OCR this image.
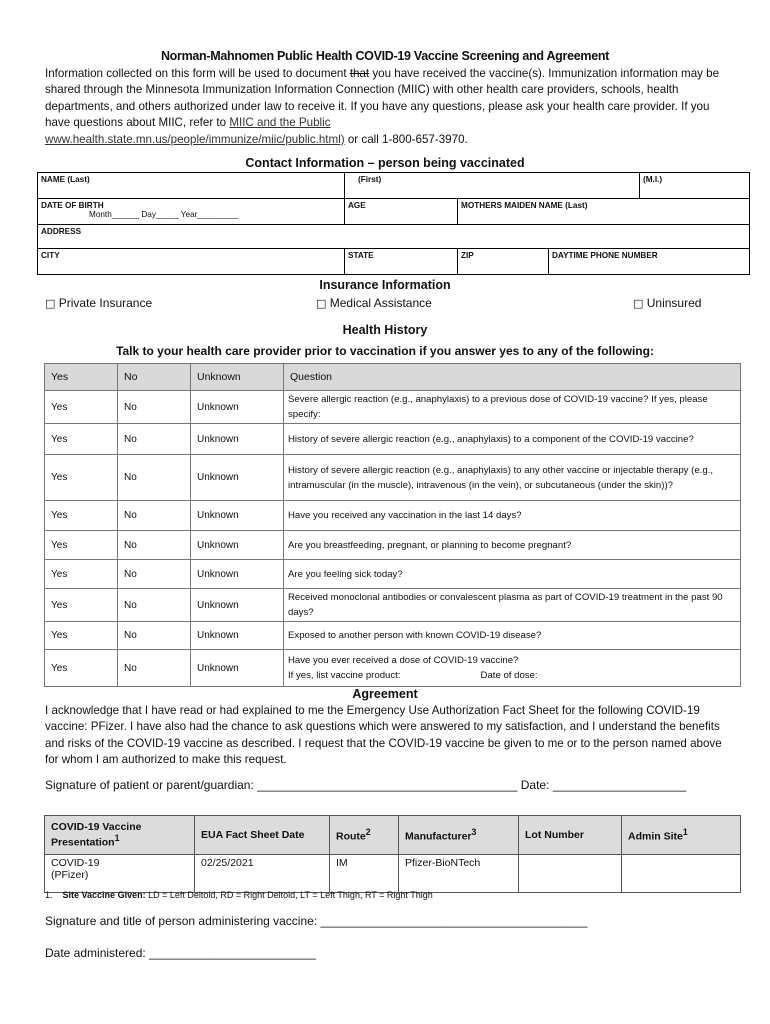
Norman-Mahnomen Public Health COVID-19 Vaccine Screening and Agreement
Information collected on this form will be used to document that you have received the vaccine(s). Immunization information may be shared through the Minnesota Immunization Information Connection (MIIC) with other health care providers, schools, health departments, and others authorized under law to receive it. If you have any questions, please ask your health care provider. If you have questions about MIIC, refer to MIIC and the Public
www.health.state.mn.us/people/immunize/miic/public.html) or call 1-800-657-3970.
Contact Information – person being vaccinated
NAME (Last)	(First)			(M.I.)

DATE OF BIRTH
Month______ Day_____ Year_________	AGE	MOTHERS MAIDEN NAME (Last)		
ADDRESS				
CITY	STATE	ZIP	DAYTIME PHONE NUMBER	
Insurance Information
□ Private Insurance	□ Medical Assistance	□ Uninsured
Health History
Talk to your health care provider prior to vaccination if you answer yes to any of the following:
Yes	No	Unknown	Question
Yes	No	Unknown	Severe allergic reaction (e.g., anaphylaxis) to a previous dose of COVID-19 vaccine? If yes, please specify:
Yes	No	Unknown	History of severe allergic reaction (e.g., anaphylaxis) to a component of the COVID-19 vaccine?
Yes	No	Unknown	History of severe allergic reaction (e.g., anaphylaxis) to any other vaccine or injectable therapy (e.g., intramuscular (in the muscle), intravenous (in the vein), or subcutaneous (under the skin))?
Yes	No	Unknown	Have you received any vaccination in the last 14 days?
Yes	No	Unknown	Are you breastfeeding, pregnant, or planning to become pregnant?
Yes	No	Unknown	Are you feeling sick today?
Yes	No	Unknown	Received monoclonal antibodies or convalescent plasma as part of COVID-19 treatment in the past 90 days?
Yes	No	Unknown	Exposed to another person with known COVID-19 disease?
Yes	No	Unknown	Have you ever received a dose of COVID-19 vaccine?
If yes, list vaccine product: Date of dose:
Agreement
I acknowledge that I have read or had explained to me the Emergency Use Authorization Fact Sheet for the following COVID-19 vaccine: PFizer. I have also had the chance to ask questions which were answered to my satisfaction, and I understand the benefits and risks of the COVID-19 vaccine as described. I request that the COVID-19 vaccine be given to me or to the person named above for whom I am authorized to make this request.
Signature of patient or parent/guardian: _______________________________________ Date: ____________________
COVID-19 Vaccine Presentation$^1$	EUA Fact Sheet Date	Route$^2$	Manufacturer$^3$	Lot Number	Admin Site$^1$

COVID-19
(PFizer)	02/25/2021	IM	Pfizer-BioNTech		
1. Site Vaccine Given: LD = Left Deltoid, RD = Right Deltoid, LT = Left Thigh, RT = Right Thigh
Signature and title of person administering vaccine: ________________________________________
Date administered: _________________________
